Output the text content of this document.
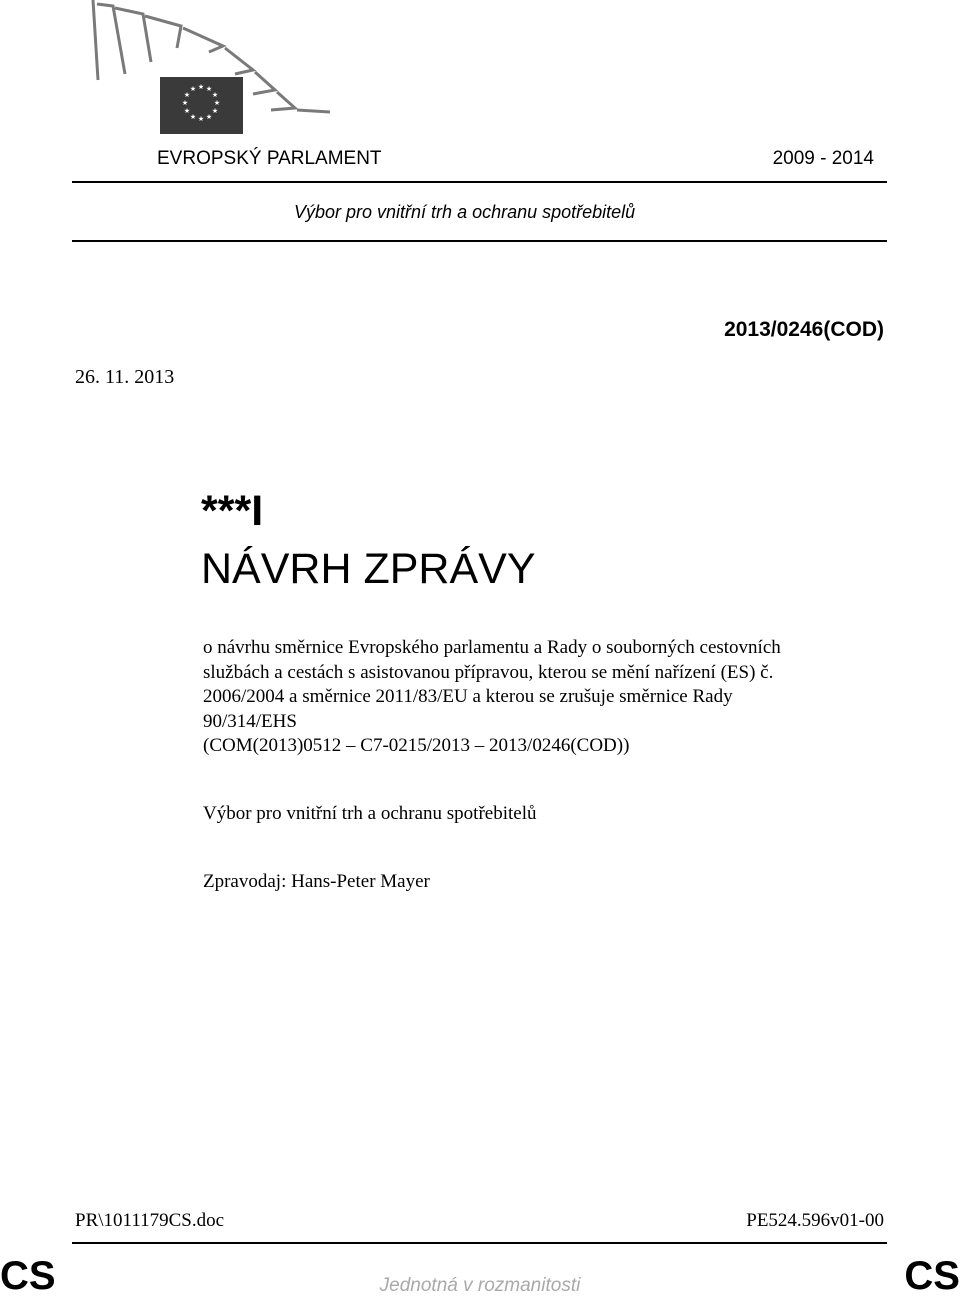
★ ★
★
★
★
★
★
★
★
★
★
★
EVROPSKÝ PARLAMENT	2009 - 2014
Výbor pro vnitřní trh a ochranu spotřebitelů
2013/0246(COD)
26. 11. 2013
***I
NÁVRH ZPRÁVY
o návrhu směrnice Evropského parlamentu a Rady o souborných cestovních
službách a cestách s asistovanou přípravou, kterou se mění nařízení (ES) č.
2006/2004 a směrnice 2011/83/EU a kterou se zrušuje směrnice Rady
90/314/EHS
(COM(2013)0512 – C7-0215/2013 – 2013/0246(COD))
Výbor pro vnitřní trh a ochranu spotřebitelů
Zpravodaj: Hans-Peter Mayer
PR\1011179CS.doc	PE524.596v01-00
CS	Jednotná v rozmanitosti	CS
